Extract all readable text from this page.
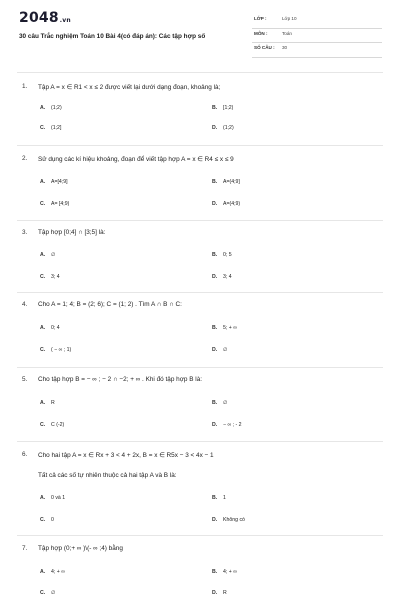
2048.vn
30 câu Trắc nghiệm Toán 10 Bài 4(có đáp án): Các tập hợp số
LỚP :	Lớp 10
MÔN :	Toán
SỐ CÂU : 30
1. Tập A = x ∈ R1 < x ≤ 2 được viết lại dưới dạng đoạn, khoảng là;
A. (1;2)	B. [1;2)
C. (1;2]	D. (1;2)
2. Sử dụng các kí hiệu khoảng, đoạn để viết tập hợp A = x ∈ R4 ≤ x ≤ 9
A. A=[4;9]	B. A=(4;9]
C. A= [4;9)	D. A=(4;9)
3. Tập hợp [0;4] ∩ [3;5] là:
A. ∅	B. 0; 5
C. 3; 4	D. 3; 4
4. Cho A = 1; 4; B = (2; 6); C = (1; 2) . Tìm A ∩ B ∩ C:
A. 0; 4	B. 5; + ∞
C. ( − ∞ ; 1)	D. ∅
5. Cho tập hợp B = − ∞ ; − 2 ∩ −2; + ∞ . Khi đó tập hợp B là:
A. R	B. ∅
C. C (-2)	D. − ∞ ; - 2
6. Cho hai tập A = x ∈ Rx + 3 < 4 + 2x, B = x ∈ R5x − 3 < 4x − 1
Tất cả các số tự nhiên thuộc cả hai tập A và B là:
A. 0 và 1	B. 1
C. 0	D. Không có
7. Tập hợp (0;+ ∞ )\(- ∞ ;4) bằng
A. 4; + ∞	B. 4; + ∞
C. ∅	D. R
